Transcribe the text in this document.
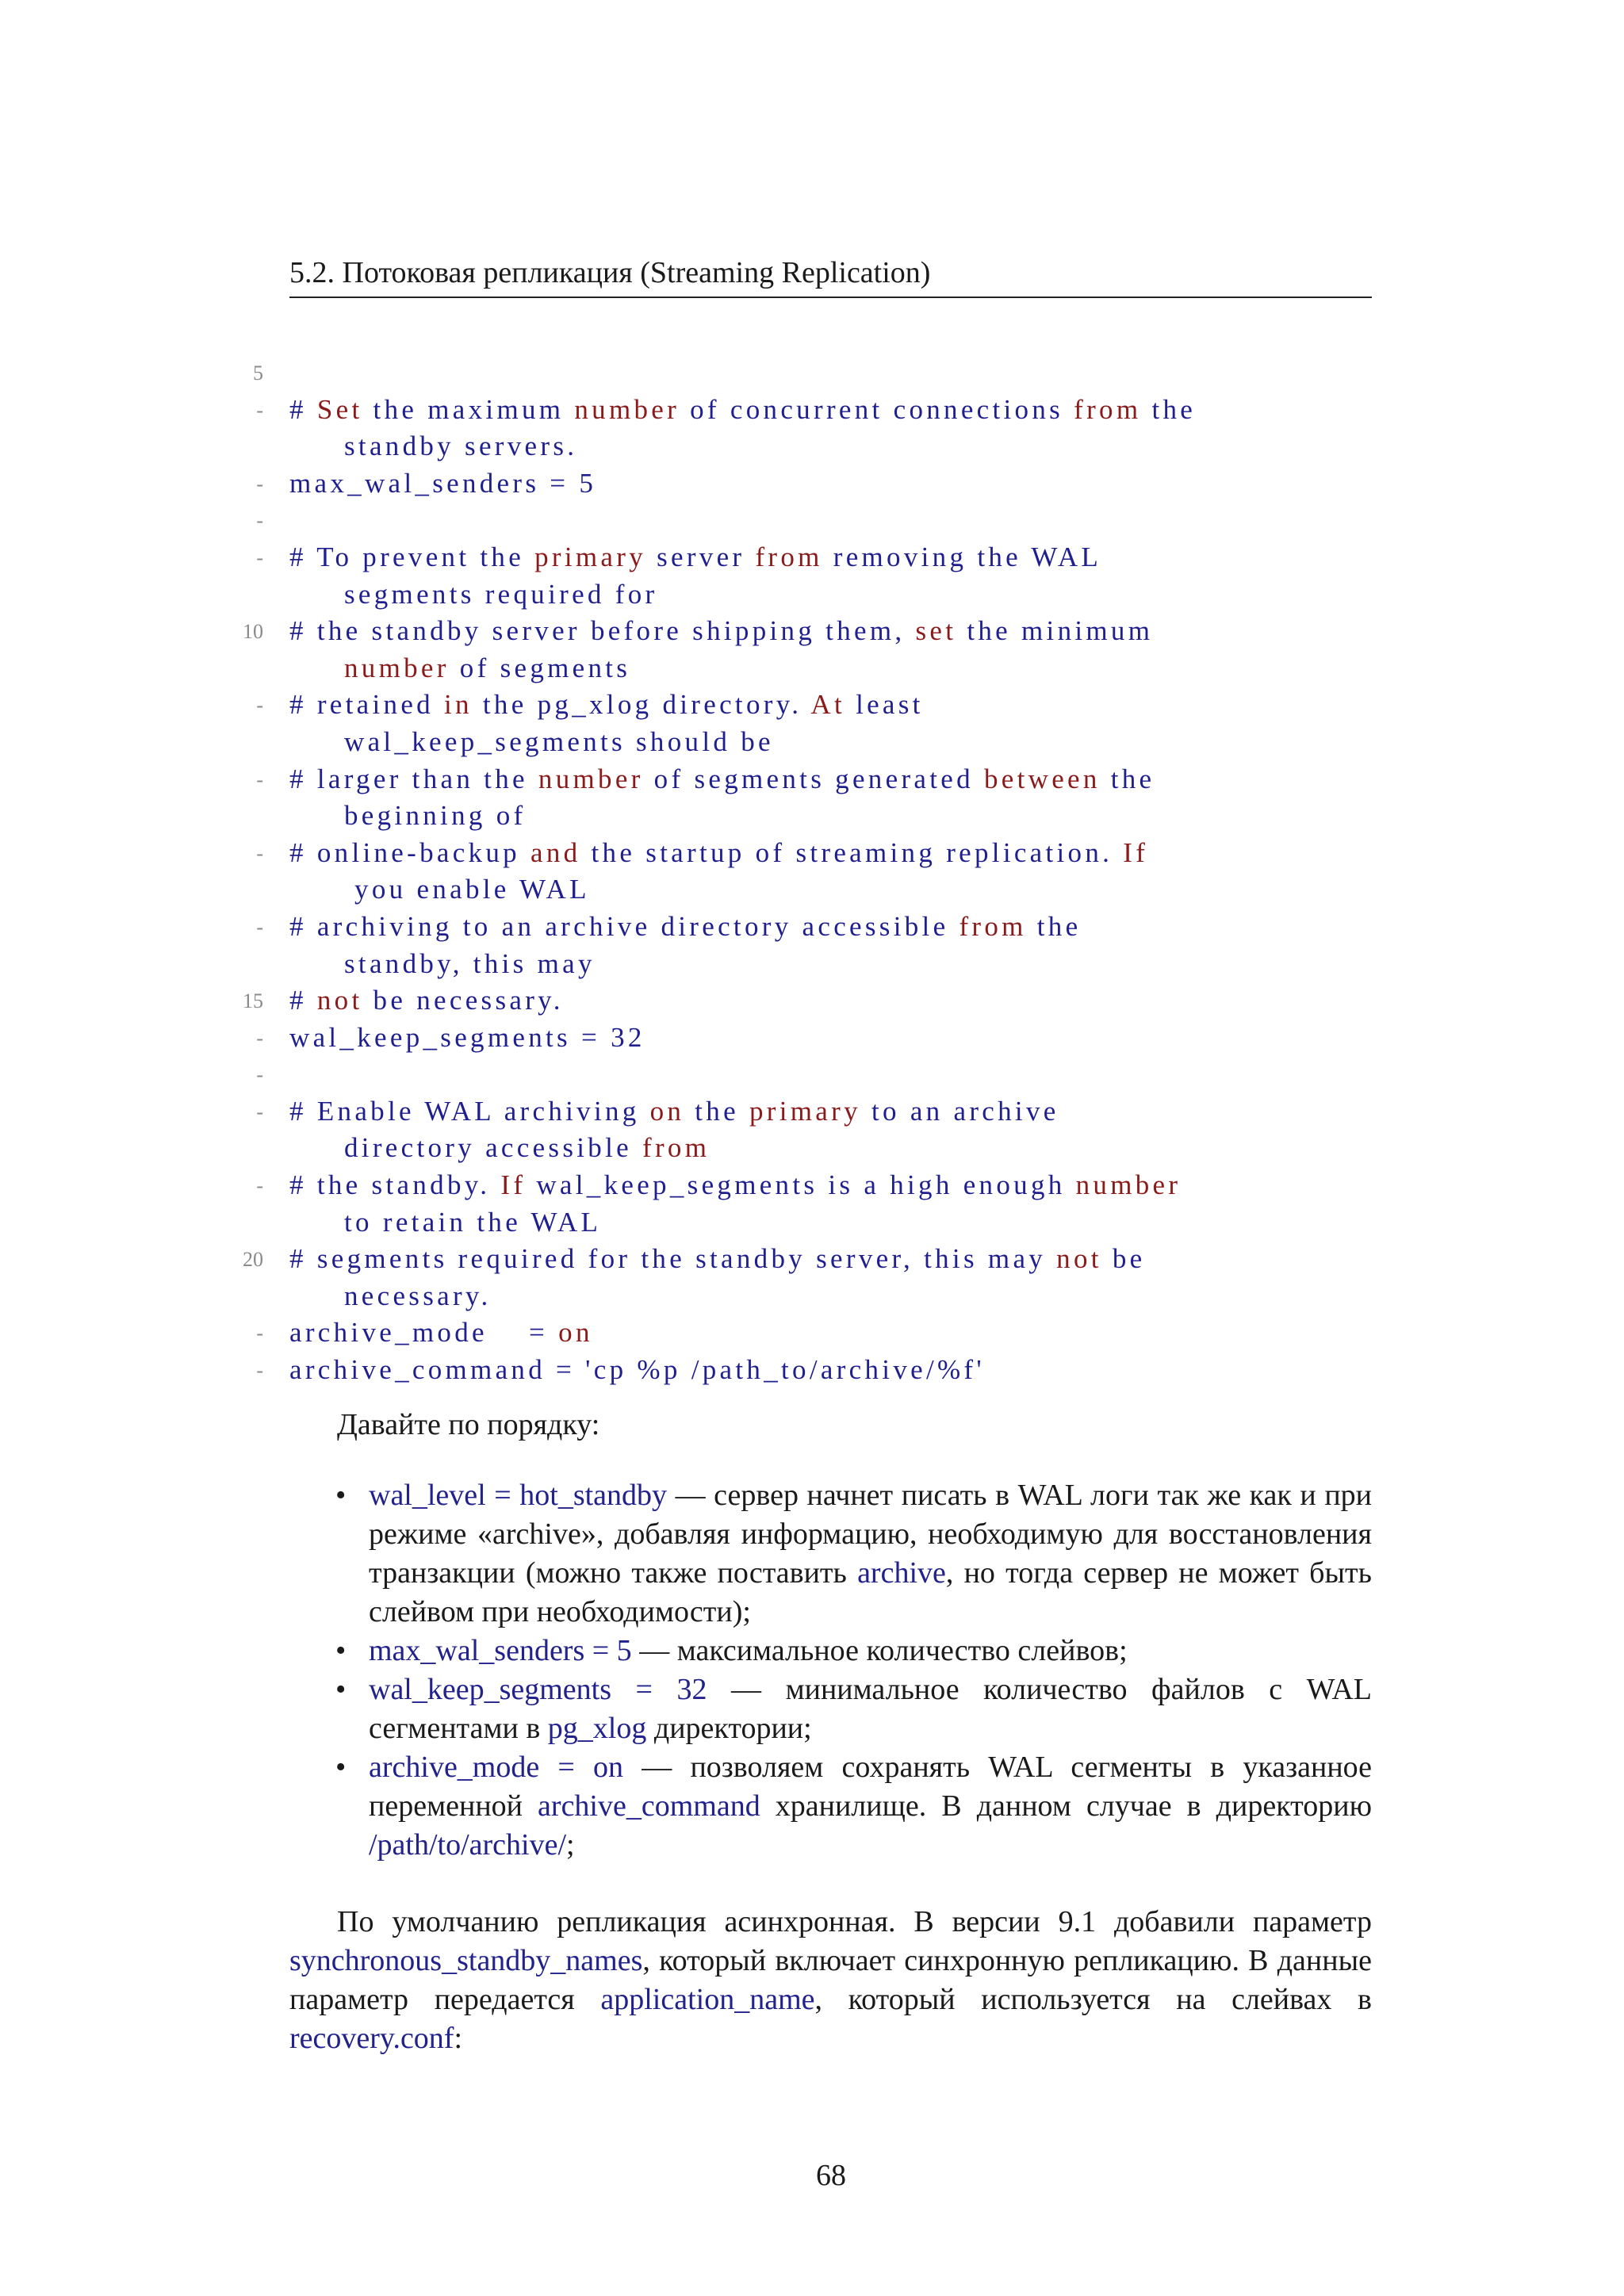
5.2. Потоковая репликация (Streaming Replication)
5
- # Set the maximum number of concurrent connections from the
standby servers.
- max_wal_senders = 5
-
- # To prevent the primary server from removing the WAL
segments required for
10 # the standby server before shipping them, set the minimum
number of segments
- # retained in the pg_xlog directory. At least
wal_keep_segments should be
- # larger than the number of segments generated between the
beginning of
- # online-backup and the startup of streaming replication. If
you enable WAL
- # archiving to an archive directory accessible from the
standby, this may
15 # not be necessary.
- wal_keep_segments = 32
-
- # Enable WAL archiving on the primary to an archive
directory accessible from
- # the standby. If wal_keep_segments is a high enough number
to retain the WAL
20 # segments required for the standby server, this may not be
necessary.
- archive_mode    = on
- archive_command = 'cp %p /path_to/archive/%f'
Давайте по порядку:
• wal_level = hot_standby — сервер начнет писать в WAL логи так же как и при режиме «archive», добавляя информацию, необходимую для восстановления транзакции (можно также поставить archive, но тогда сервер не может быть слейвом при необходимости);
• max_wal_senders = 5 — максимальное количество слейвов;
• wal_keep_segments = 32 — минимальное количество файлов с WAL сегментами в pg_xlog директории;
• archive_mode = on — позволяем сохранять WAL сегменты в указанное переменной archive_command хранилище. В данном случае в директорию /path/to/archive/;
По умолчанию репликация асинхронная. В версии 9.1 добавили параметр synchronous_standby_names, который включает синхронную репликацию. В данные параметр передается application_name, который используется на слейвах в recovery.conf:
68
